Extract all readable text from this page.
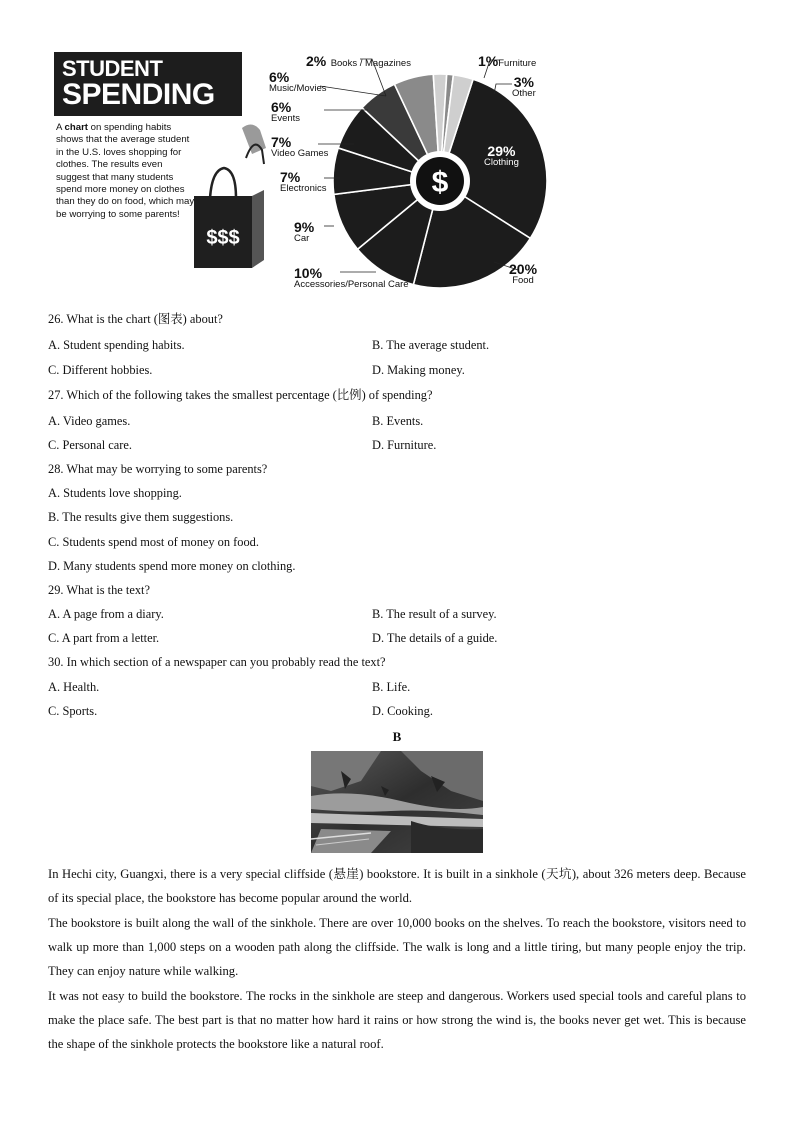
STUDENT
SPENDING
A chart on spending habits shows that the average student in the U.S. loves shopping for clothes. The results even suggest that many students spend more money on clothes than they do on food, which may be worrying to some parents!
$$$
$
2% Books / Magazines	1%Furniture
3%
Other
6%
Music/Movies
6%
Events
7%
Video Games
7%
Electronics
9%
Car
10%
Accessories/Personal Care
29%
Clothing
20%
Food
26. What is the chart (图表) about?
A. Student spending habits.	B. The average student.
C. Different hobbies.	D. Making money.
27. Which of the following takes the smallest percentage (比例) of spending?
A. Video games.	B. Events.
C. Personal care.	D. Furniture.
28. What may be worrying to some parents?
A. Students love shopping.
B. The results give them suggestions.
C. Students spend most of money on food.
D. Many students spend more money on clothing.
29. What is the text?
A. A page from a diary.	B. The result of a survey.
C. A part from a letter.	D. The details of a guide.
30. In which section of a newspaper can you probably read the text?
A. Health.	B. Life.
C. Sports.	D. Cooking.
B
In Hechi city, Guangxi, there is a very special cliffside (悬崖) bookstore. It is built in a sinkhole (天坑), about 326 meters deep. Because of its special place, the bookstore has become popular around the world.
The bookstore is built along the wall of the sinkhole. There are over 10,000 books on the shelves. To reach the bookstore, visitors need to walk up more than 1,000 steps on a wooden path along the cliffside. The walk is long and a little tiring, but many people enjoy the trip. They can enjoy nature while walking.
It was not easy to build the bookstore. The rocks in the sinkhole are steep and dangerous. Workers used special tools and careful plans to make the place safe. The best part is that no matter how hard it rains or how strong the wind is, the books never get wet. This is because the shape of the sinkhole protects the bookstore like a natural roof.
